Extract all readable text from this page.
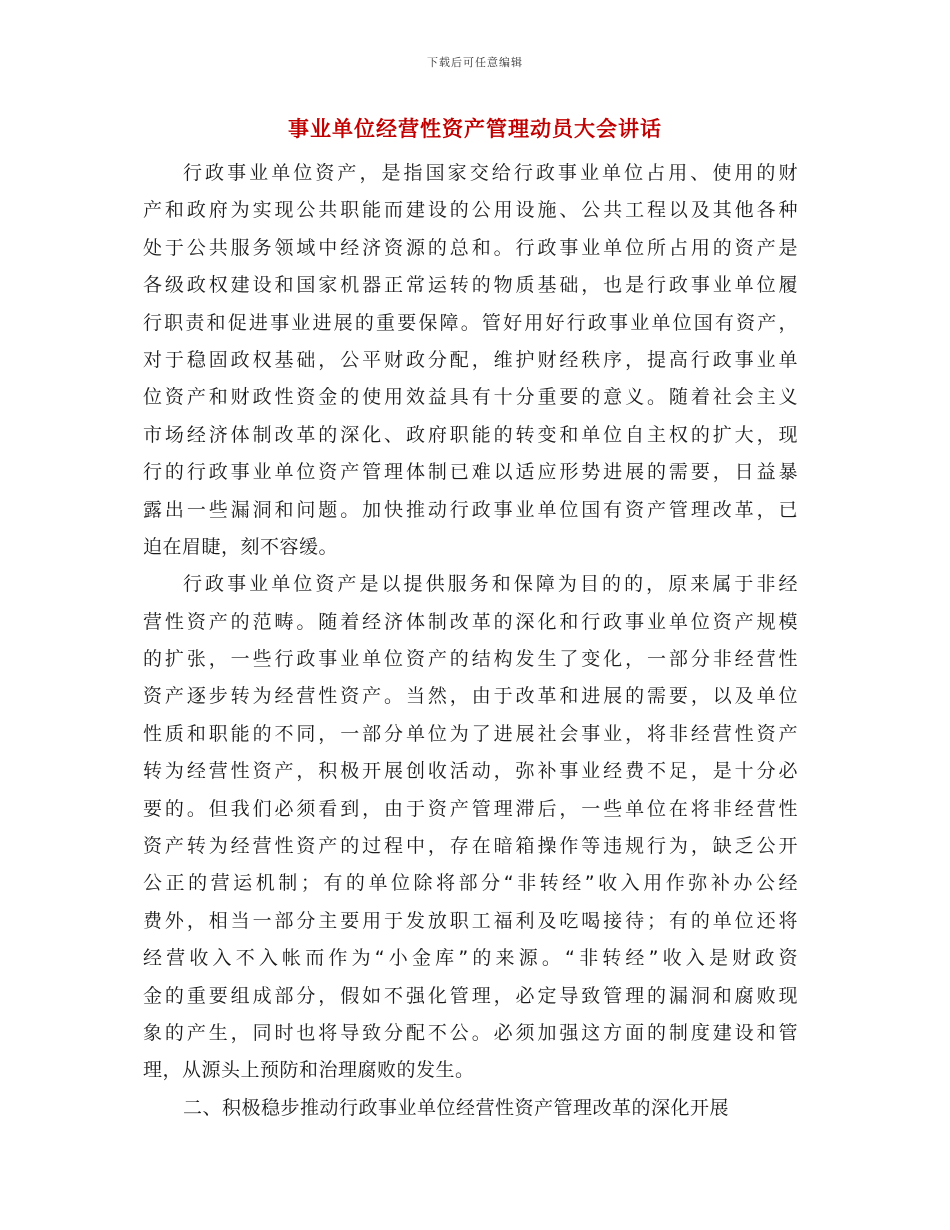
下载后可任意编辑
事业单位经营性资产管理动员大会讲话
行政事业单位资产，是指国家交给行政事业单位占用、使用的财
产和政府为实现公共职能而建设的公用设施、公共工程以及其他各种
处于公共服务领域中经济资源的总和。行政事业单位所占用的资产是
各级政权建设和国家机器正常运转的物质基础，也是行政事业单位履
行职责和促进事业进展的重要保障。管好用好行政事业单位国有资产，
对于稳固政权基础，公平财政分配，维护财经秩序，提高行政事业单
位资产和财政性资金的使用效益具有十分重要的意义。随着社会主义
市场经济体制改革的深化、政府职能的转变和单位自主权的扩大，现
行的行政事业单位资产管理体制已难以适应形势进展的需要，日益暴
露出一些漏洞和问题。加快推动行政事业单位国有资产管理改革，已
迫在眉睫，刻不容缓。
行政事业单位资产是以提供服务和保障为目的的，原来属于非经
营性资产的范畴。随着经济体制改革的深化和行政事业单位资产规模
的扩张，一些行政事业单位资产的结构发生了变化，一部分非经营性
资产逐步转为经营性资产。当然，由于改革和进展的需要，以及单位
性质和职能的不同，一部分单位为了进展社会事业，将非经营性资产
转为经营性资产，积极开展创收活动，弥补事业经费不足，是十分必
要的。但我们必须看到，由于资产管理滞后，一些单位在将非经营性
资产转为经营性资产的过程中，存在暗箱操作等违规行为，缺乏公开
公正的营运机制；有的单位除将部分“非转经”收入用作弥补办公经
费外，相当一部分主要用于发放职工福利及吃喝接待；有的单位还将
经营收入不入帐而作为“小金库”的来源。“非转经”收入是财政资
金的重要组成部分，假如不强化管理，必定导致管理的漏洞和腐败现
象的产生，同时也将导致分配不公。必须加强这方面的制度建设和管
理，从源头上预防和治理腐败的发生。
二、积极稳步推动行政事业单位经营性资产管理改革的深化开展
